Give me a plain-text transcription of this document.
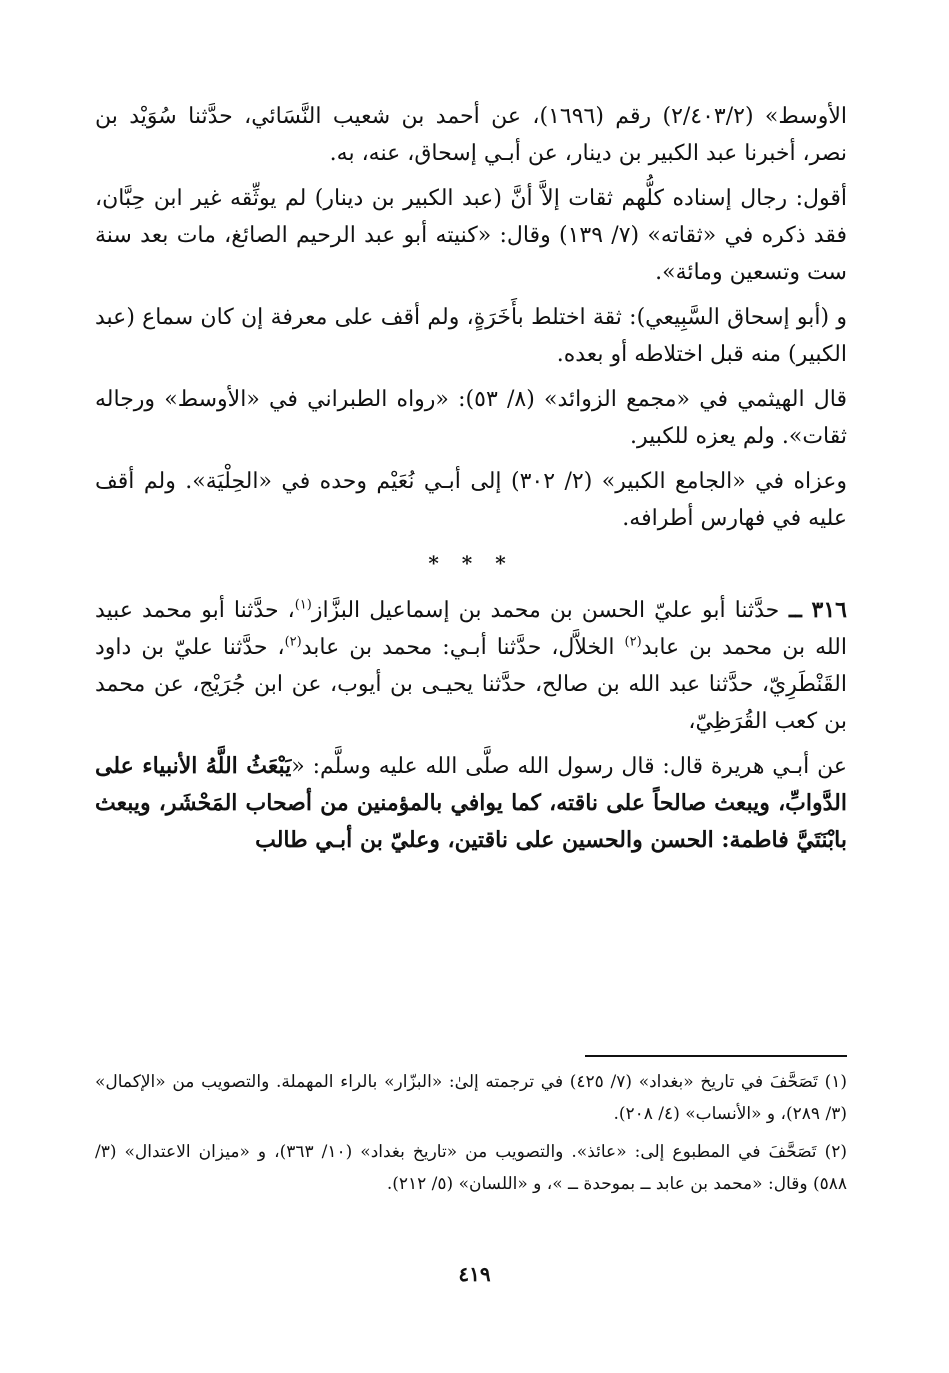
الأوسط» (٢/٤٠٣/٢) رقم (١٦٩٦)، عن أحمد بن شعيب النَّسَائي، حدَّثنا سُوَيْد بن نصر، أخبرنا عبد الكبير بن دينار، عن أبـي إسحاق، عنه، به.

أقول: رجال إسناده كلُّهم ثقات إلاَّ أنَّ (عبد الكبير بن دينار) لم يوثِّقه غير ابن حِبَّان، فقد ذكره في «ثقاته» (٧/ ١٣٩) وقال: «كنيته أبو عبد الرحيم الصائغ، مات بعد سنة ست وتسعين ومائة».

و (أبو إسحاق السَّبِيعي): ثقة اختلط بأَخَرَةٍ، ولم أقف على معرفة إن كان سماع (عبد الكبير) منه قبل اختلاطه أو بعده.

قال الهيثمي في «مجمع الزوائد» (٨/ ٥٣): «رواه الطبراني في «الأوسط» ورجاله ثقات». ولم يعزه للكبير.

وعزاه في «الجامع الكبير» (٢/ ٣٠٢) إلى أبـي نُعَيْم وحده في «الحِلْيَة». ولم أقف عليه في فهارس أطرافه.

* * *

٣١٦ ــ حدَّثنا أبو عليّ الحسن بن محمد بن إسماعيل البزَّاز$^{(١)}$، حدَّثنا أبو محمد عبيد الله بن محمد بن عابد$^{(٢)}$ الخلاَّل، حدَّثنا أبـي: محمد بن عابد$^{(٢)}$، حدَّثنا عليّ بن داود القَنْطَرِيّ، حدَّثنا عبد الله بن صالح، حدَّثنا يحيـى بن أيوب، عن ابن جُرَيْج، عن محمد بن كعب القُرَظِيّ،

عن أبـي هريرة قال: قال رسول الله صلَّى الله عليه وسلَّم: «يَبْعَثُ اللَّهُ الأنبياء على الدَّوابِّ، ويبعث صالحاً على ناقته، كما يوافي بالمؤمنين من أصحاب المَحْشَر، ويبعث بابْنَتَيَّ فاطمة: الحسن والحسين على ناقتين، وعليّ بن أبـي طالب

(١) تَصَحَّفَ في تاريخ «بغداد» (٧/ ٤٢٥) في ترجمته إلىٰ: «البزّار» بالراء المهملة. والتصويب من «الإكمال» (٣/ ٢٨٩)، و «الأنساب» (٤/ ٢٠٨).

(٢) تَصَحَّفَ في المطبوع إلى: «عائذ». والتصويب من «تاريخ بغداد» (١٠/ ٣٦٣)، و «ميزان الاعتدال» (٣/ ٥٨٨) وقال: «محمد بن عابد ــ بموحدة ــ »، و «اللسان» (٥/ ٢١٢).

٤١٩
